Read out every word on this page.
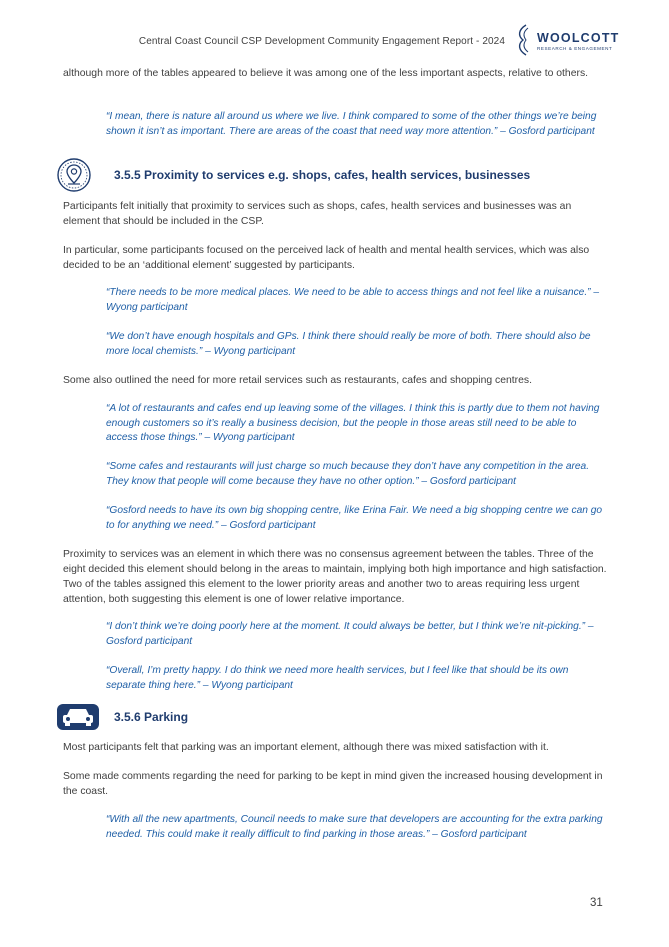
Central Coast Council CSP Development Community Engagement Report - 2024	WOOLCOTT
RESEARCH & ENGAGEMENT

although more of the tables appeared to believe it was among one of the less important aspects, relative to others.

“I mean, there is nature all around us where we live. I think compared to some of the other things we’re being shown it isn’t as important. There are areas of the coast that need way more attention.” – Gosford participant

3.5.5 Proximity to services e.g. shops, cafes, health services, businesses

Participants felt initially that proximity to services such as shops, cafes, health services and businesses was an element that should be included in the CSP.

In particular, some participants focused on the perceived lack of health and mental health services, which was also decided to be an ‘additional element’ suggested by participants.

“There needs to be more medical places. We need to be able to access things and not feel like a nuisance.” – Wyong participant

“We don’t have enough hospitals and GPs. I think there should really be more of both. There should also be more local chemists.” – Wyong participant

Some also outlined the need for more retail services such as restaurants, cafes and shopping centres.

“A lot of restaurants and cafes end up leaving some of the villages. I think this is partly due to them not having enough customers so it’s really a business decision, but the people in those areas still need to be able to access those things.” – Wyong participant

“Some cafes and restaurants will just charge so much because they don’t have any competition in the area. They know that people will come because they have no other option.” – Gosford participant

“Gosford needs to have its own big shopping centre, like Erina Fair. We need a big shopping centre we can go to for anything we need.” – Gosford participant

Proximity to services was an element in which there was no consensus agreement between the tables. Three of the eight decided this element should belong in the areas to maintain, implying both high importance and high satisfaction. Two of the tables assigned this element to the lower priority areas and another two to areas requiring less urgent attention, both suggesting this element is one of lower relative importance.

“I don’t think we’re doing poorly here at the moment. It could always be better, but I think we’re nit-picking.” – Gosford participant

“Overall, I’m pretty happy. I do think we need more health services, but I feel like that should be its own separate thing here.” – Wyong participant

3.5.6 Parking

Most participants felt that parking was an important element, although there was mixed satisfaction with it.

Some made comments regarding the need for parking to be kept in mind given the increased housing development in the coast.

“With all the new apartments, Council needs to make sure that developers are accounting for the extra parking needed. This could make it really difficult to find parking in those areas.” – Gosford participant

31
